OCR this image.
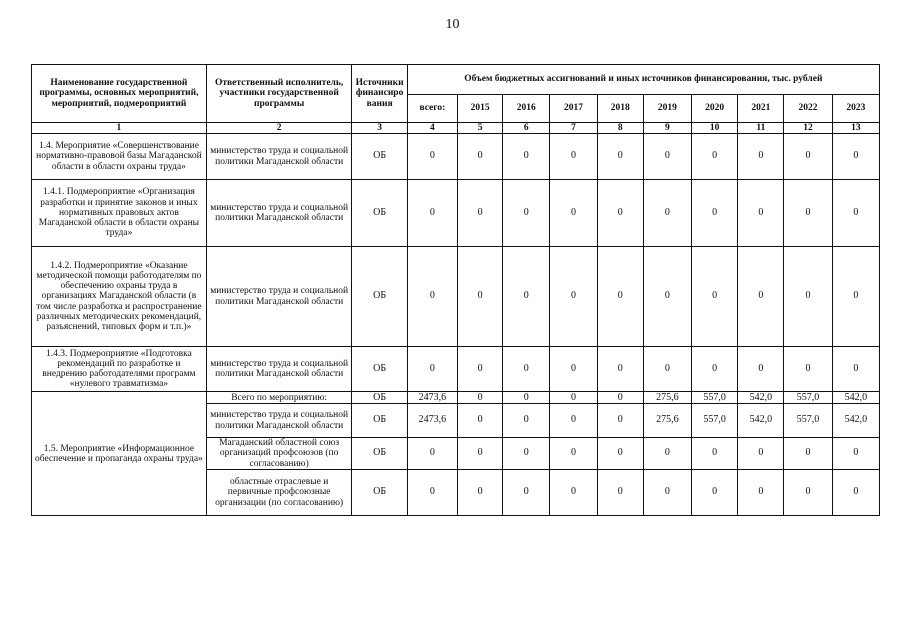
10
Наименование государственной программы, основных мероприятий, мероприятий, подмероприятий	Ответственный исполнитель, участники государственной программы	Источники финансиро вания	Объем бюджетных ассигнований и иных источников финансирования, тыс. рублей									
			всего:	2015	2016	2017	2018	2019	2020	2021	2022	2023
1	2	3	4	5	6	7	8	9	10	11	12	13
1.4. Мероприятие «Совершенствование нормативно-правовой базы Магаданской области в области охраны труда»	министерство труда и социальной политики Магаданской области	ОБ	0	0	0	0	0	0	0	0	0	0
1.4.1. Подмероприятие «Организация разработки и принятие законов и иных нормативных правовых актов Магаданской области в области охраны труда»	министерство труда и социальной политики Магаданской области	ОБ	0	0	0	0	0	0	0	0	0	0
1.4.2. Подмероприятие «Оказание методической помощи работодателям по обеспечению охраны труда в организациях Магаданской области (в том числе разработка и распространение различных методических рекомендаций, разъяснений, типовых форм и т.п.)»	министерство труда и социальной политики Магаданской области	ОБ	0	0	0	0	0	0	0	0	0	0
1.4.3. Подмероприятие «Подготовка рекомендаций по разработке и внедрению работодателями программ «нулевого травматизма»	министерство труда и социальной политики Магаданской области	ОБ	0	0	0	0	0	0	0	0	0	0
1.5. Мероприятие «Информационное обеспечение и пропаганда охраны труда»	Всего по мероприятию:	ОБ	2473,6	0	0	0	0	275,6	557,0	542,0	557,0	542,0
	министерство труда и социальной политики Магаданской области	ОБ	2473,6	0	0	0	0	275,6	557,0	542,0	557,0	542,0
	Магаданский областной союз организаций профсоюзов (по согласованию)	ОБ	0	0	0	0	0	0	0	0	0	0
	областные отраслевые и первичные профсоюзные организации (по согласованию)	ОБ	0	0	0	0	0	0	0	0	0	0
